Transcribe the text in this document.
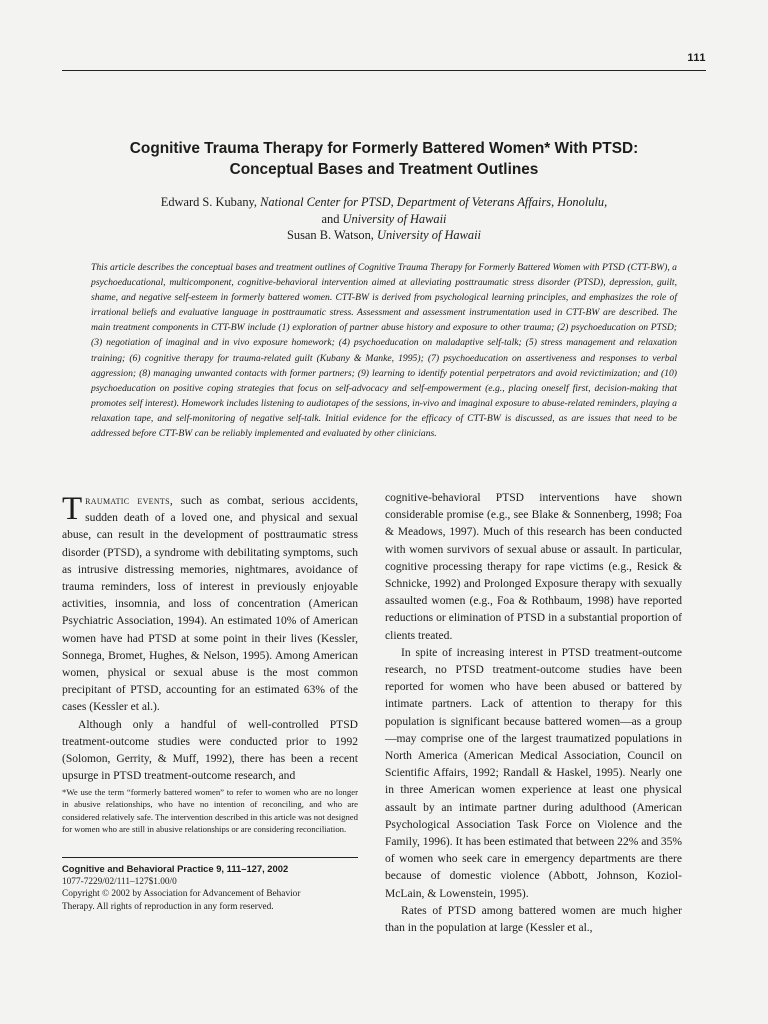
111
Cognitive Trauma Therapy for Formerly Battered Women* With PTSD:
Conceptual Bases and Treatment Outlines
Edward S. Kubany, National Center for PTSD, Department of Veterans Affairs, Honolulu,
and University of Hawaii
Susan B. Watson, University of Hawaii

This article describes the conceptual bases and treatment outlines of Cognitive Trauma Therapy for Formerly Battered Women with PTSD (CTT-BW), a psychoeducational, multicomponent, cognitive-behavioral intervention aimed at alleviating posttraumatic stress disorder (PTSD), depression, guilt, shame, and negative self-esteem in formerly battered women. CTT-BW is derived from psychological learning principles, and emphasizes the role of irrational beliefs and evaluative language in posttraumatic stress. Assessment and assessment instrumentation used in CTT-BW are described. The main treatment components in CTT-BW include (1) exploration of partner abuse history and exposure to other trauma; (2) psychoeducation on PTSD; (3) negotiation of imaginal and in vivo exposure homework; (4) psychoeducation on maladaptive self-talk; (5) stress management and relaxation training; (6) cognitive therapy for trauma-related guilt (Kubany & Manke, 1995); (7) psychoeducation on assertiveness and responses to verbal aggression; (8) managing unwanted contacts with former partners; (9) learning to identify potential perpetrators and avoid revictimization; and (10) psychoeducation on positive coping strategies that focus on self-advocacy and self-empowerment (e.g., placing oneself first, decision-making that promotes self interest). Homework includes listening to audiotapes of the sessions, in-vivo and imaginal exposure to abuse-related reminders, playing a relaxation tape, and self-monitoring of negative self-talk. Initial evidence for the efficacy of CTT-BW is discussed, as are issues that need to be addressed before CTT-BW can be reliably implemented and evaluated by other clinicians.

Traumatic events, such as combat, serious accidents, sudden death of a loved one, and physical and sexual abuse, can result in the development of posttraumatic stress disorder (PTSD), a syndrome with debilitating symptoms, such as intrusive distressing memories, nightmares, avoidance of trauma reminders, loss of interest in previously enjoyable activities, insomnia, and loss of concentration (American Psychiatric Association, 1994). An estimated 10% of American women have had PTSD at some point in their lives (Kessler, Sonnega, Bromet, Hughes, & Nelson, 1995). Among American women, physical or sexual abuse is the most common precipitant of PTSD, accounting for an estimated 63% of the cases (Kessler et al.).

Although only a handful of well-controlled PTSD treatment-outcome studies were conducted prior to 1992 (Solomon, Gerrity, & Muff, 1992), there has been a recent upsurge in PTSD treatment-outcome research, and

*We use the term “formerly battered women” to refer to women who are no longer in abusive relationships, who have no intention of reconciling, and who are considered relatively safe. The intervention described in this article was not designed for women who are still in abusive relationships or are considering reconciliation.

Cognitive and Behavioral Practice 9, 111–127, 2002
1077-7229/02/111–127$1.00/0
Copyright © 2002 by Association for Advancement of Behavior
Therapy. All rights of reproduction in any form reserved.

cognitive-behavioral PTSD interventions have shown considerable promise (e.g., see Blake & Sonnenberg, 1998; Foa & Meadows, 1997). Much of this research has been conducted with women survivors of sexual abuse or assault. In particular, cognitive processing therapy for rape victims (e.g., Resick & Schnicke, 1992) and Prolonged Exposure therapy with sexually assaulted women (e.g., Foa & Rothbaum, 1998) have reported reductions or elimination of PTSD in a substantial proportion of clients treated.

In spite of increasing interest in PTSD treatment-outcome research, no PTSD treatment-outcome studies have been reported for women who have been abused or battered by intimate partners. Lack of attention to therapy for this population is significant because battered women—as a group—may comprise one of the largest traumatized populations in North America (American Medical Association, Council on Scientific Affairs, 1992; Randall & Haskel, 1995). Nearly one in three American women experience at least one physical assault by an intimate partner during adulthood (American Psychological Association Task Force on Violence and the Family, 1996). It has been estimated that between 22% and 35% of women who seek care in emergency departments are there because of domestic violence (Abbott, Johnson, Koziol-McLain, & Lowenstein, 1995).

Rates of PTSD among battered women are much higher than in the population at large (Kessler et al.,
